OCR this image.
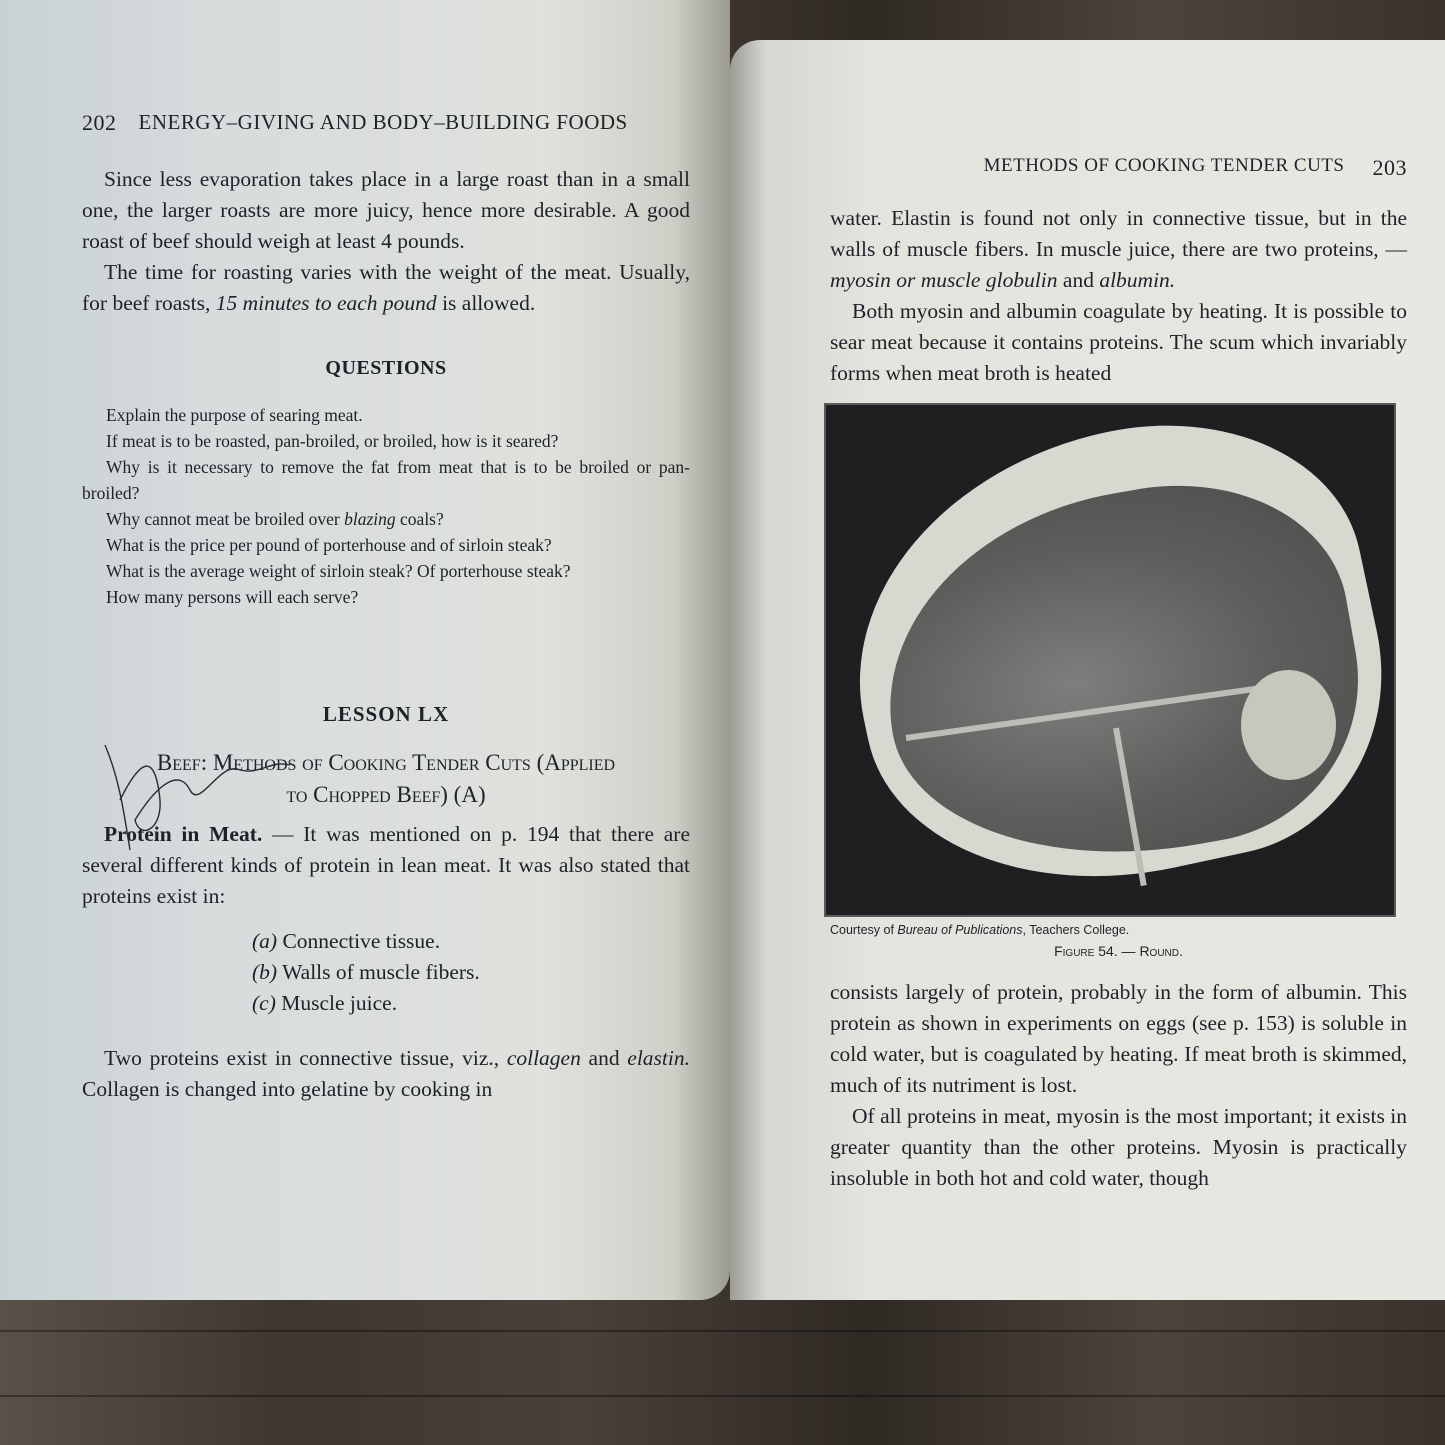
202 ENERGY–GIVING AND BODY–BUILDING FOODS

Since less evaporation takes place in a large roast than in a small one, the larger roasts are more juicy, hence more desirable. A good roast of beef should weigh at least 4 pounds.

The time for roasting varies with the weight of the meat. Usually, for beef roasts, 15 minutes to each pound is allowed.

QUESTIONS

Explain the purpose of searing meat.

If meat is to be roasted, pan-broiled, or broiled, how is it seared?

Why is it necessary to remove the fat from meat that is to be broiled or pan-broiled?

Why cannot meat be broiled over blazing coals?

What is the price per pound of porterhouse and of sirloin steak?

What is the average weight of sirloin steak? Of porterhouse steak?

How many persons will each serve?

LESSON LX
Beef: Methods of Cooking Tender Cuts (Applied
to Chopped Beef) (A)

Protein in Meat. — It was mentioned on p. 194 that there are several different kinds of protein in lean meat. It was also stated that proteins exist in:

(a) Connective tissue.
(b) Walls of muscle fibers.
(c) Muscle juice.

Two proteins exist in connective tissue, viz., collagen and elastin. Collagen is changed into gelatine by cooking in

METHODS OF COOKING TENDER CUTS 203

water. Elastin is found not only in connective tissue, but in the walls of muscle fibers. In muscle juice, there are two proteins, — myosin or muscle globulin and albumin.

Both myosin and albumin coagulate by heating. It is possible to sear meat because it contains proteins. The scum which invariably forms when meat broth is heated

Courtesy of Bureau of Publications, Teachers College.
Figure 54. — Round.

consists largely of protein, probably in the form of albumin. This protein as shown in experiments on eggs (see p. 153) is soluble in cold water, but is coagulated by heating. If meat broth is skimmed, much of its nutriment is lost.

Of all proteins in meat, myosin is the most important; it exists in greater quantity than the other proteins. Myosin is practically insoluble in both hot and cold water, though
